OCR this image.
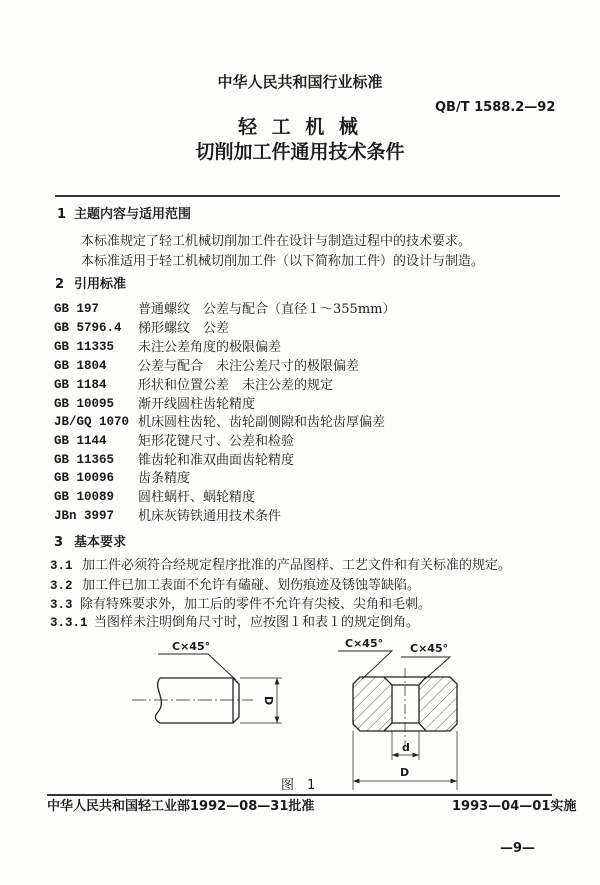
中华人民共和国行业标准
QB/T 1588.2—92
轻 工 机 械
切削加工件通用技术条件
1 主题内容与适用范围
本标准规定了轻工机械切削加工件在设计与制造过程中的技术要求。
本标准适用于轻工机械切削加工件（以下简称加工件）的设计与制造。
2 引用标准
GB 197	普通螺纹　公差与配合（直径１～355mm）
GB 5796.4 梯形螺纹　公差
GB 11335 未注公差角度的极限偏差
GB 1804 公差与配合　未注公差尺寸的极限偏差
GB 1184 形状和位置公差　未注公差的规定
GB 10095 渐开线圆柱齿轮精度
JB/GQ 1070 机床圆柱齿轮、齿轮副侧隙和齿轮齿厚偏差
GB 1144 矩形花键尺寸、公差和检验
GB 11365 锥齿轮和准双曲面齿轮精度
GB 10096 齿条精度
GB 10089 圆柱蜗杆、蜗轮精度
JBn 3997 机床灰铸铁通用技术条件
3 基本要求
3.1 加工件必须符合经规定程序批准的产品图样、工艺文件和有关标准的规定。
3.2 加工件已加工表面不允许有磕碰、划伤痕迹及锈蚀等缺陷。
3.3 除有特殊要求外，加工后的零件不允许有尖棱、尖角和毛刺。
3.3.1 当图样未注明倒角尺寸时，应按图１和表１的规定倒角。
C×45°	C×45° C×45°
D
d
D
图　1
中华人民共和国轻工业部1992—08—31批准	1993—04—01实施
—9—
